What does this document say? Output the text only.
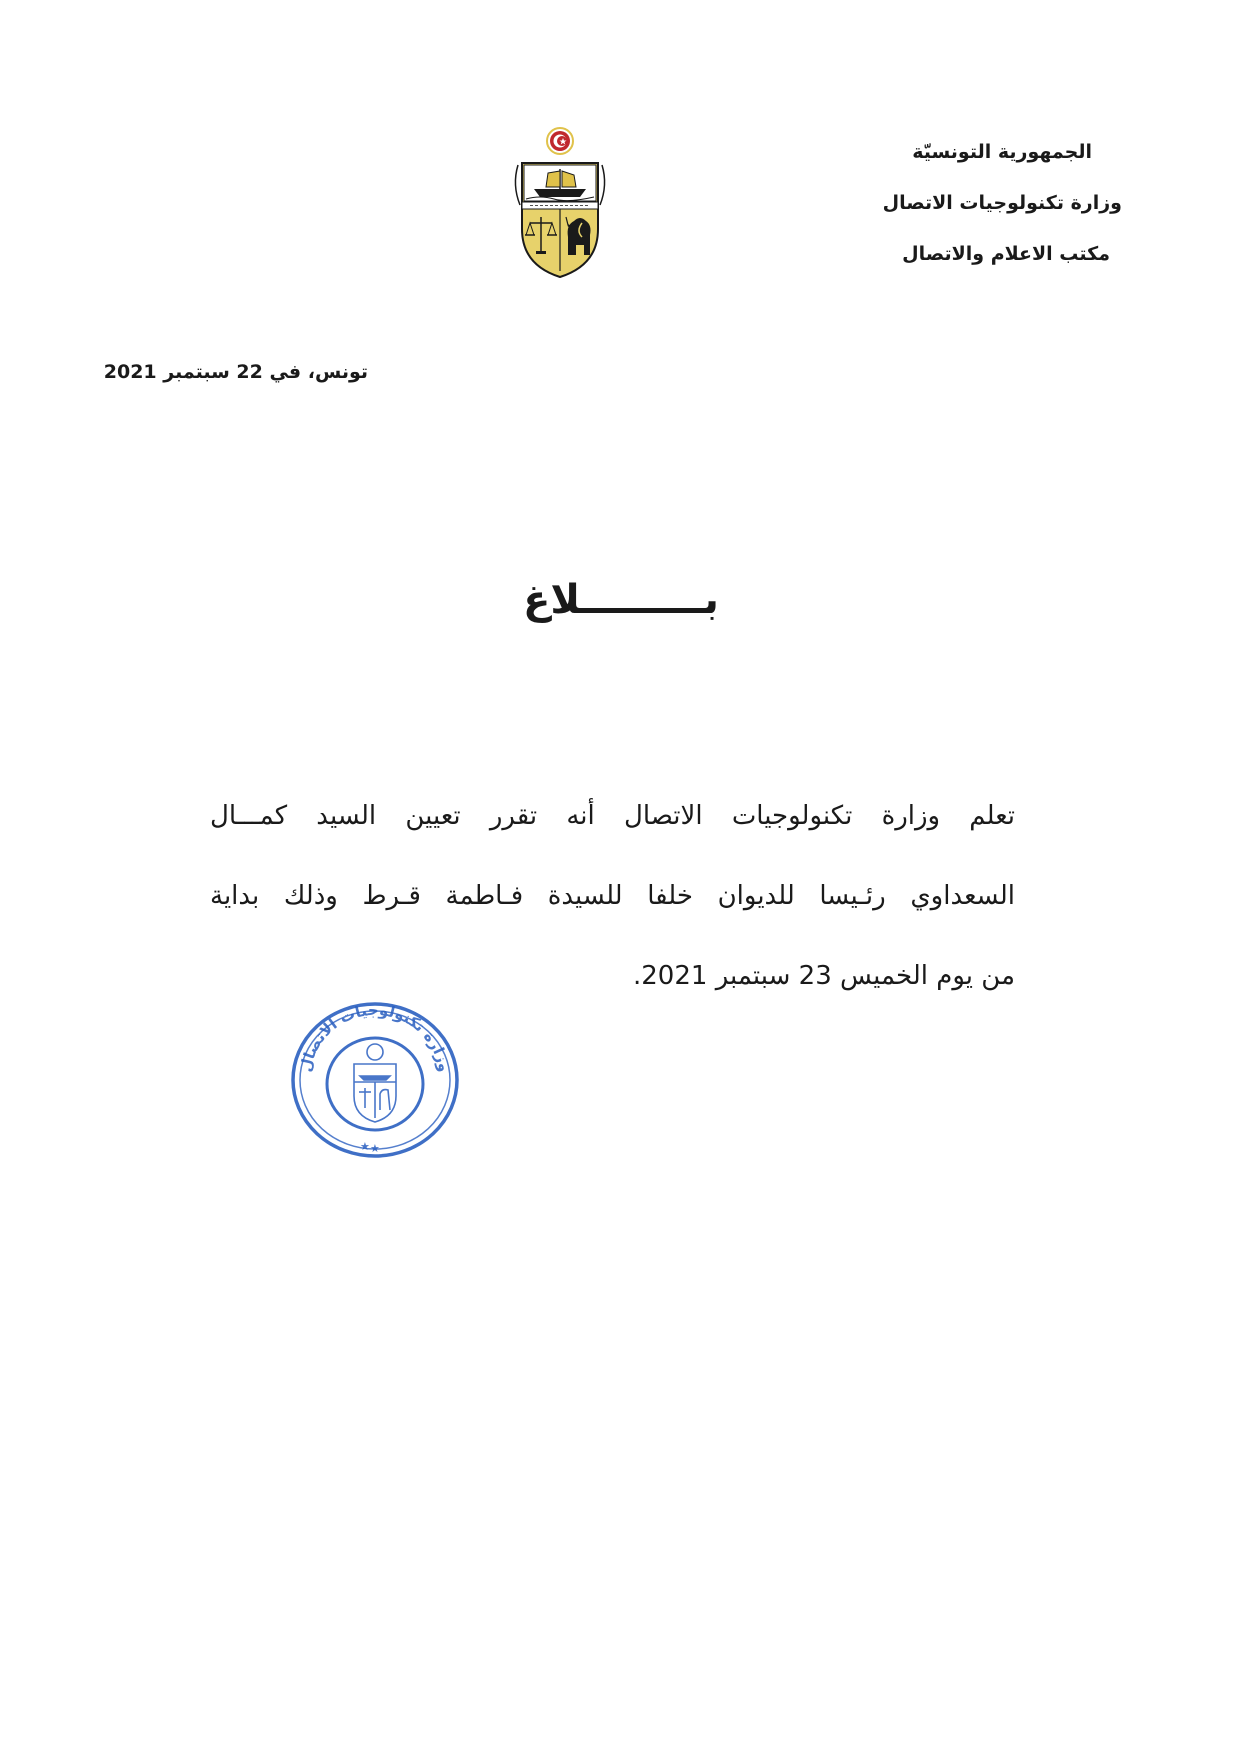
الجمهورية التونسيّة
وزارة تكنولوجيات الاتصال
مكتب الاعلام والاتصال
تونس، في 22 سبتمبر 2021
بـــــــــلاغ
تعلم وزارة تكنولوجيات الاتصال أنه تقرر تعيين السيد كمـــال
السعداوي رئـيسا للديوان خلفا للسيدة فـاطمة قـرط وذلك بداية
من يوم الخميس 23 سبتمبر 2021.
وزارة تكنولوجيات الاتصال
★ ★
